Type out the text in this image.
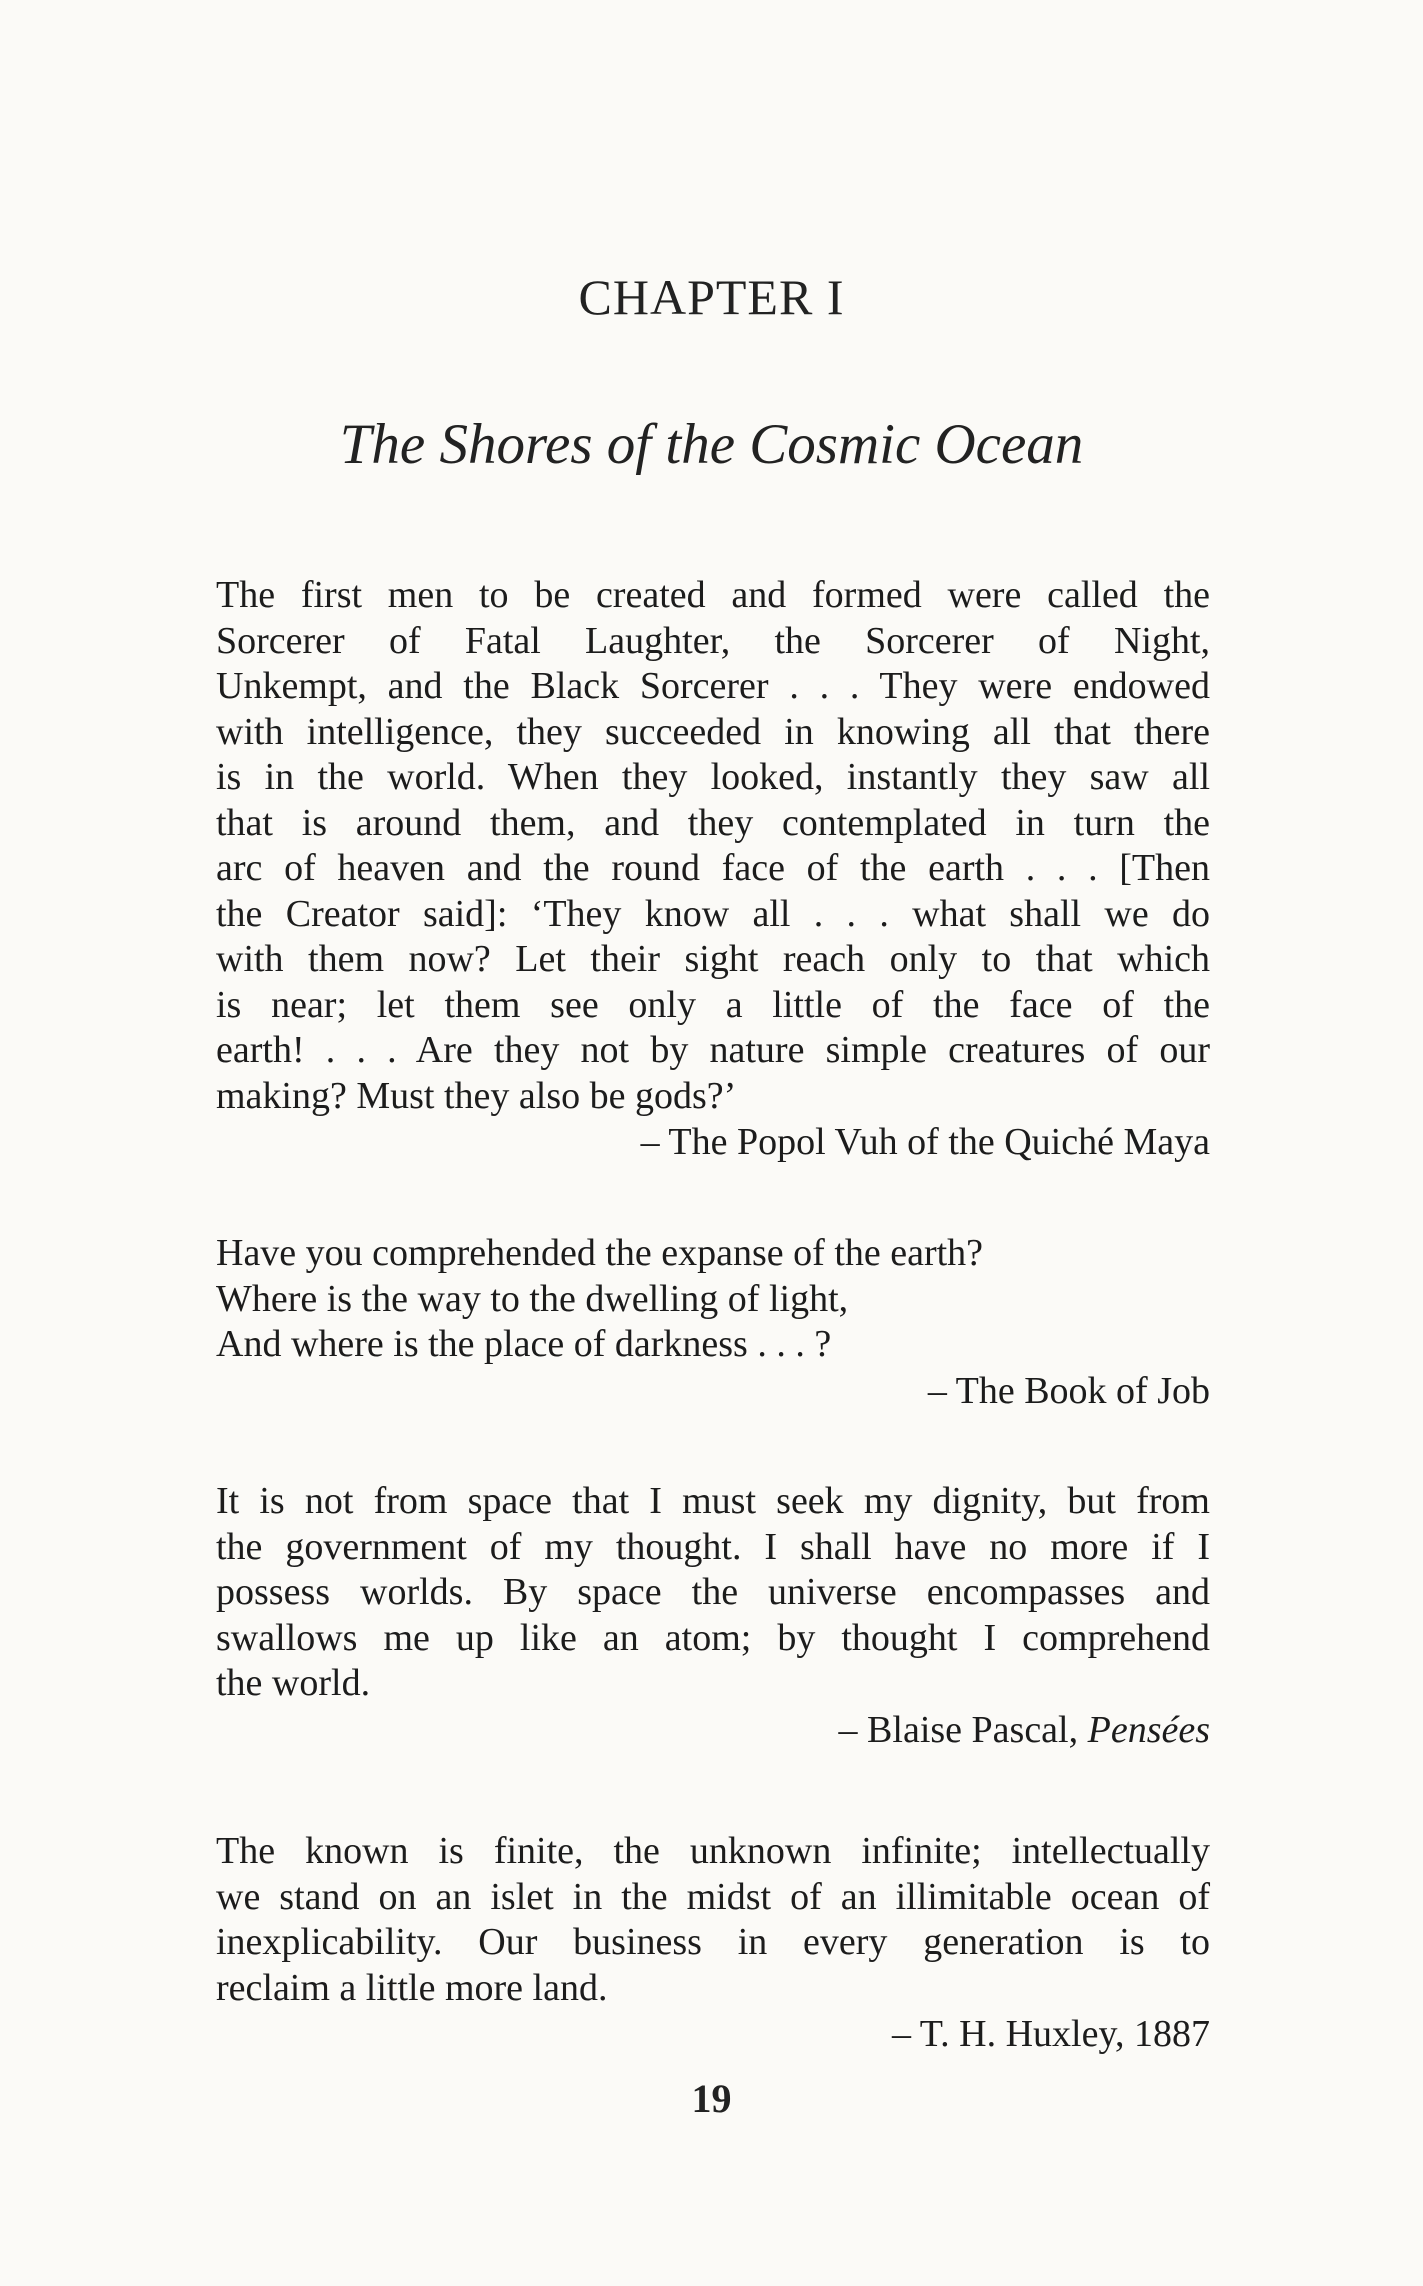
CHAPTER I
The Shores of the Cosmic Ocean
The first men to be created and formed were called the
Sorcerer of Fatal Laughter, the Sorcerer of Night,
Unkempt, and the Black Sorcerer . . . They were endowed
with intelligence, they succeeded in knowing all that there
is in the world. When they looked, instantly they saw all
that is around them, and they contemplated in turn the
arc of heaven and the round face of the earth . . . [Then
the Creator said]: ‘They know all . . . what shall we do
with them now? Let their sight reach only to that which
is near; let them see only a little of the face of the
earth! . . . Are they not by nature simple creatures of our
making? Must they also be gods?’
– The Popol Vuh of the Quiché Maya
Have you comprehended the expanse of the earth?
Where is the way to the dwelling of light,
And where is the place of darkness . . . ?
– The Book of Job
It is not from space that I must seek my dignity, but from
the government of my thought. I shall have no more if I
possess worlds. By space the universe encompasses and
swallows me up like an atom; by thought I comprehend
the world.
– Blaise Pascal, Pensées
The known is finite, the unknown infinite; intellectually
we stand on an islet in the midst of an illimitable ocean of
inexplicability. Our business in every generation is to
reclaim a little more land.
– T. H. Huxley, 1887
19
